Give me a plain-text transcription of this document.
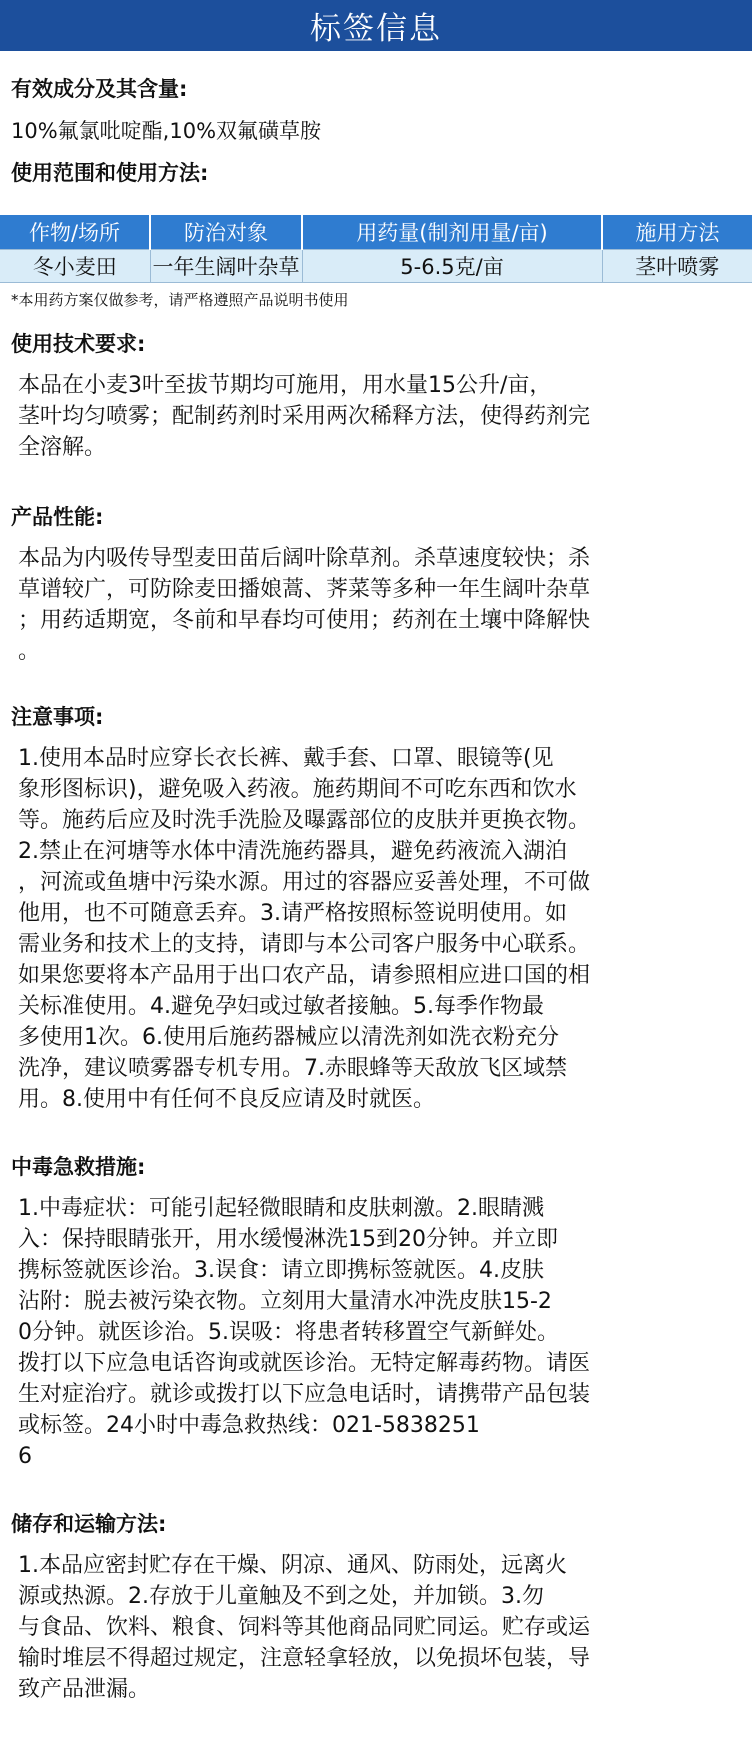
标签信息
有效成分及其含量:
10%氟氯吡啶酯,10%双氟磺草胺
使用范围和使用方法:
作物/场所	防治对象	用药量(制剂用量/亩)	施用方法
冬小麦田	一年生阔叶杂草	5-6.5克/亩	茎叶喷雾
*本用药方案仅做参考，请严格遵照产品说明书使用
使用技术要求:
本品在小麦3叶至拔节期均可施用，用水量15公升/亩，
茎叶均匀喷雾；配制药剂时采用两次稀释方法，使得药剂完
全溶解。
产品性能:
本品为内吸传导型麦田苗后阔叶除草剂。杀草速度较快；杀
草谱较广，可防除麦田播娘蒿、荠菜等多种一年生阔叶杂草
；用药适期宽，冬前和早春均可使用；药剂在土壤中降解快
。
注意事项:
1.使用本品时应穿长衣长裤、戴手套、口罩、眼镜等(见
象形图标识)，避免吸入药液。施药期间不可吃东西和饮水
等。施药后应及时洗手洗脸及曝露部位的皮肤并更换衣物。
2.禁止在河塘等水体中清洗施药器具，避免药液流入湖泊
，河流或鱼塘中污染水源。用过的容器应妥善处理，不可做
他用，也不可随意丢弃。3.请严格按照标签说明使用。如
需业务和技术上的支持，请即与本公司客户服务中心联系。
如果您要将本产品用于出口农产品，请参照相应进口国的相
关标准使用。4.避免孕妇或过敏者接触。5.每季作物最
多使用1次。6.使用后施药器械应以清洗剂如洗衣粉充分
洗净，建议喷雾器专机专用。7.赤眼蜂等天敌放飞区域禁
用。8.使用中有任何不良反应请及时就医。
中毒急救措施:
1.中毒症状：可能引起轻微眼睛和皮肤刺激。2.眼睛溅
入：保持眼睛张开，用水缓慢淋洗15到20分钟。并立即
携标签就医诊治。3.误食：请立即携标签就医。4.皮肤
沾附：脱去被污染衣物。立刻用大量清水冲洗皮肤15-2
0分钟。就医诊治。5.误吸：将患者转移置空气新鲜处。
拨打以下应急电话咨询或就医诊治。无特定解毒药物。请医
生对症治疗。就诊或拨打以下应急电话时，请携带产品包装
或标签。24小时中毒急救热线：021-5838251
6
储存和运输方法:
1.本品应密封贮存在干燥、阴凉、通风、防雨处，远离火
源或热源。2.存放于儿童触及不到之处，并加锁。3.勿
与食品、饮料、粮食、饲料等其他商品同贮同运。贮存或运
输时堆层不得超过规定，注意轻拿轻放，以免损坏包装，导
致产品泄漏。
